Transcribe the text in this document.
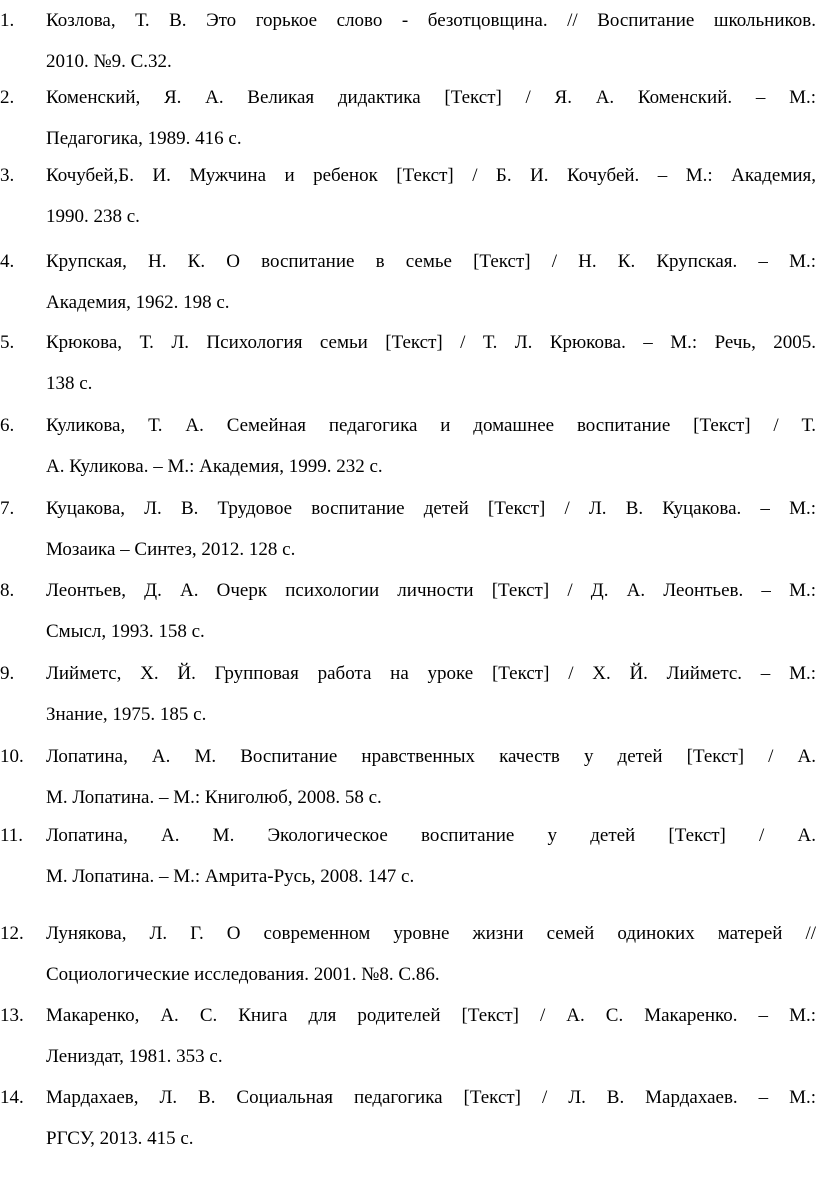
1. Козлова, Т. В. Это горькое слово - безотцовщина. // Воспитание школьников.
2010. №9. С.32.
2. Коменский, Я. А. Великая дидактика [Текст] / Я. А. Коменский. – М.:
Педагогика, 1989. 416 с.
3. Кочубей,Б. И. Мужчина и ребенок [Текст] / Б. И. Кочубей. – М.: Академия,
1990. 238 с.
4. Крупская, Н. К. О воспитание в семье [Текст] / Н. К. Крупская. – М.:
Академия, 1962. 198 с.
5. Крюкова, Т. Л. Психология семьи [Текст] / Т. Л. Крюкова. – М.: Речь, 2005.
138 с.
6. Куликова, Т. А. Семейная педагогика и домашнее воспитание [Текст] / Т.
А. Куликова. – М.: Академия, 1999. 232 с.
7. Куцакова, Л. В. Трудовое воспитание детей [Текст] / Л. В. Куцакова. – М.:
Мозаика – Синтез, 2012. 128 с.
8. Леонтьев, Д. А. Очерк психологии личности [Текст] / Д. А. Леонтьев. – М.:
Смысл, 1993. 158 с.
9. Лийметс, Х. Й. Групповая работа на уроке [Текст] / Х. Й. Лийметс. – М.:
Знание, 1975. 185 с.
10. Лопатина, А. М. Воспитание нравственных качеств у детей [Текст] / А.
М. Лопатина. – М.: Книголюб, 2008. 58 с.
11. Лопатина, А. М. Экологическое воспитание у детей [Текст] / А.
М. Лопатина. – М.: Амрита-Русь, 2008. 147 с.
12. Лунякова, Л. Г. О современном уровне жизни семей одиноких матерей //
Социологические исследования. 2001. №8. С.86.
13. Макаренко, А. С. Книга для родителей [Текст] / А. С. Макаренко. – М.:
Лениздат, 1981. 353 с.
14. Мардахаев, Л. В. Социальная педагогика [Текст] / Л. В. Мардахаев. – М.:
РГСУ, 2013. 415 с.
